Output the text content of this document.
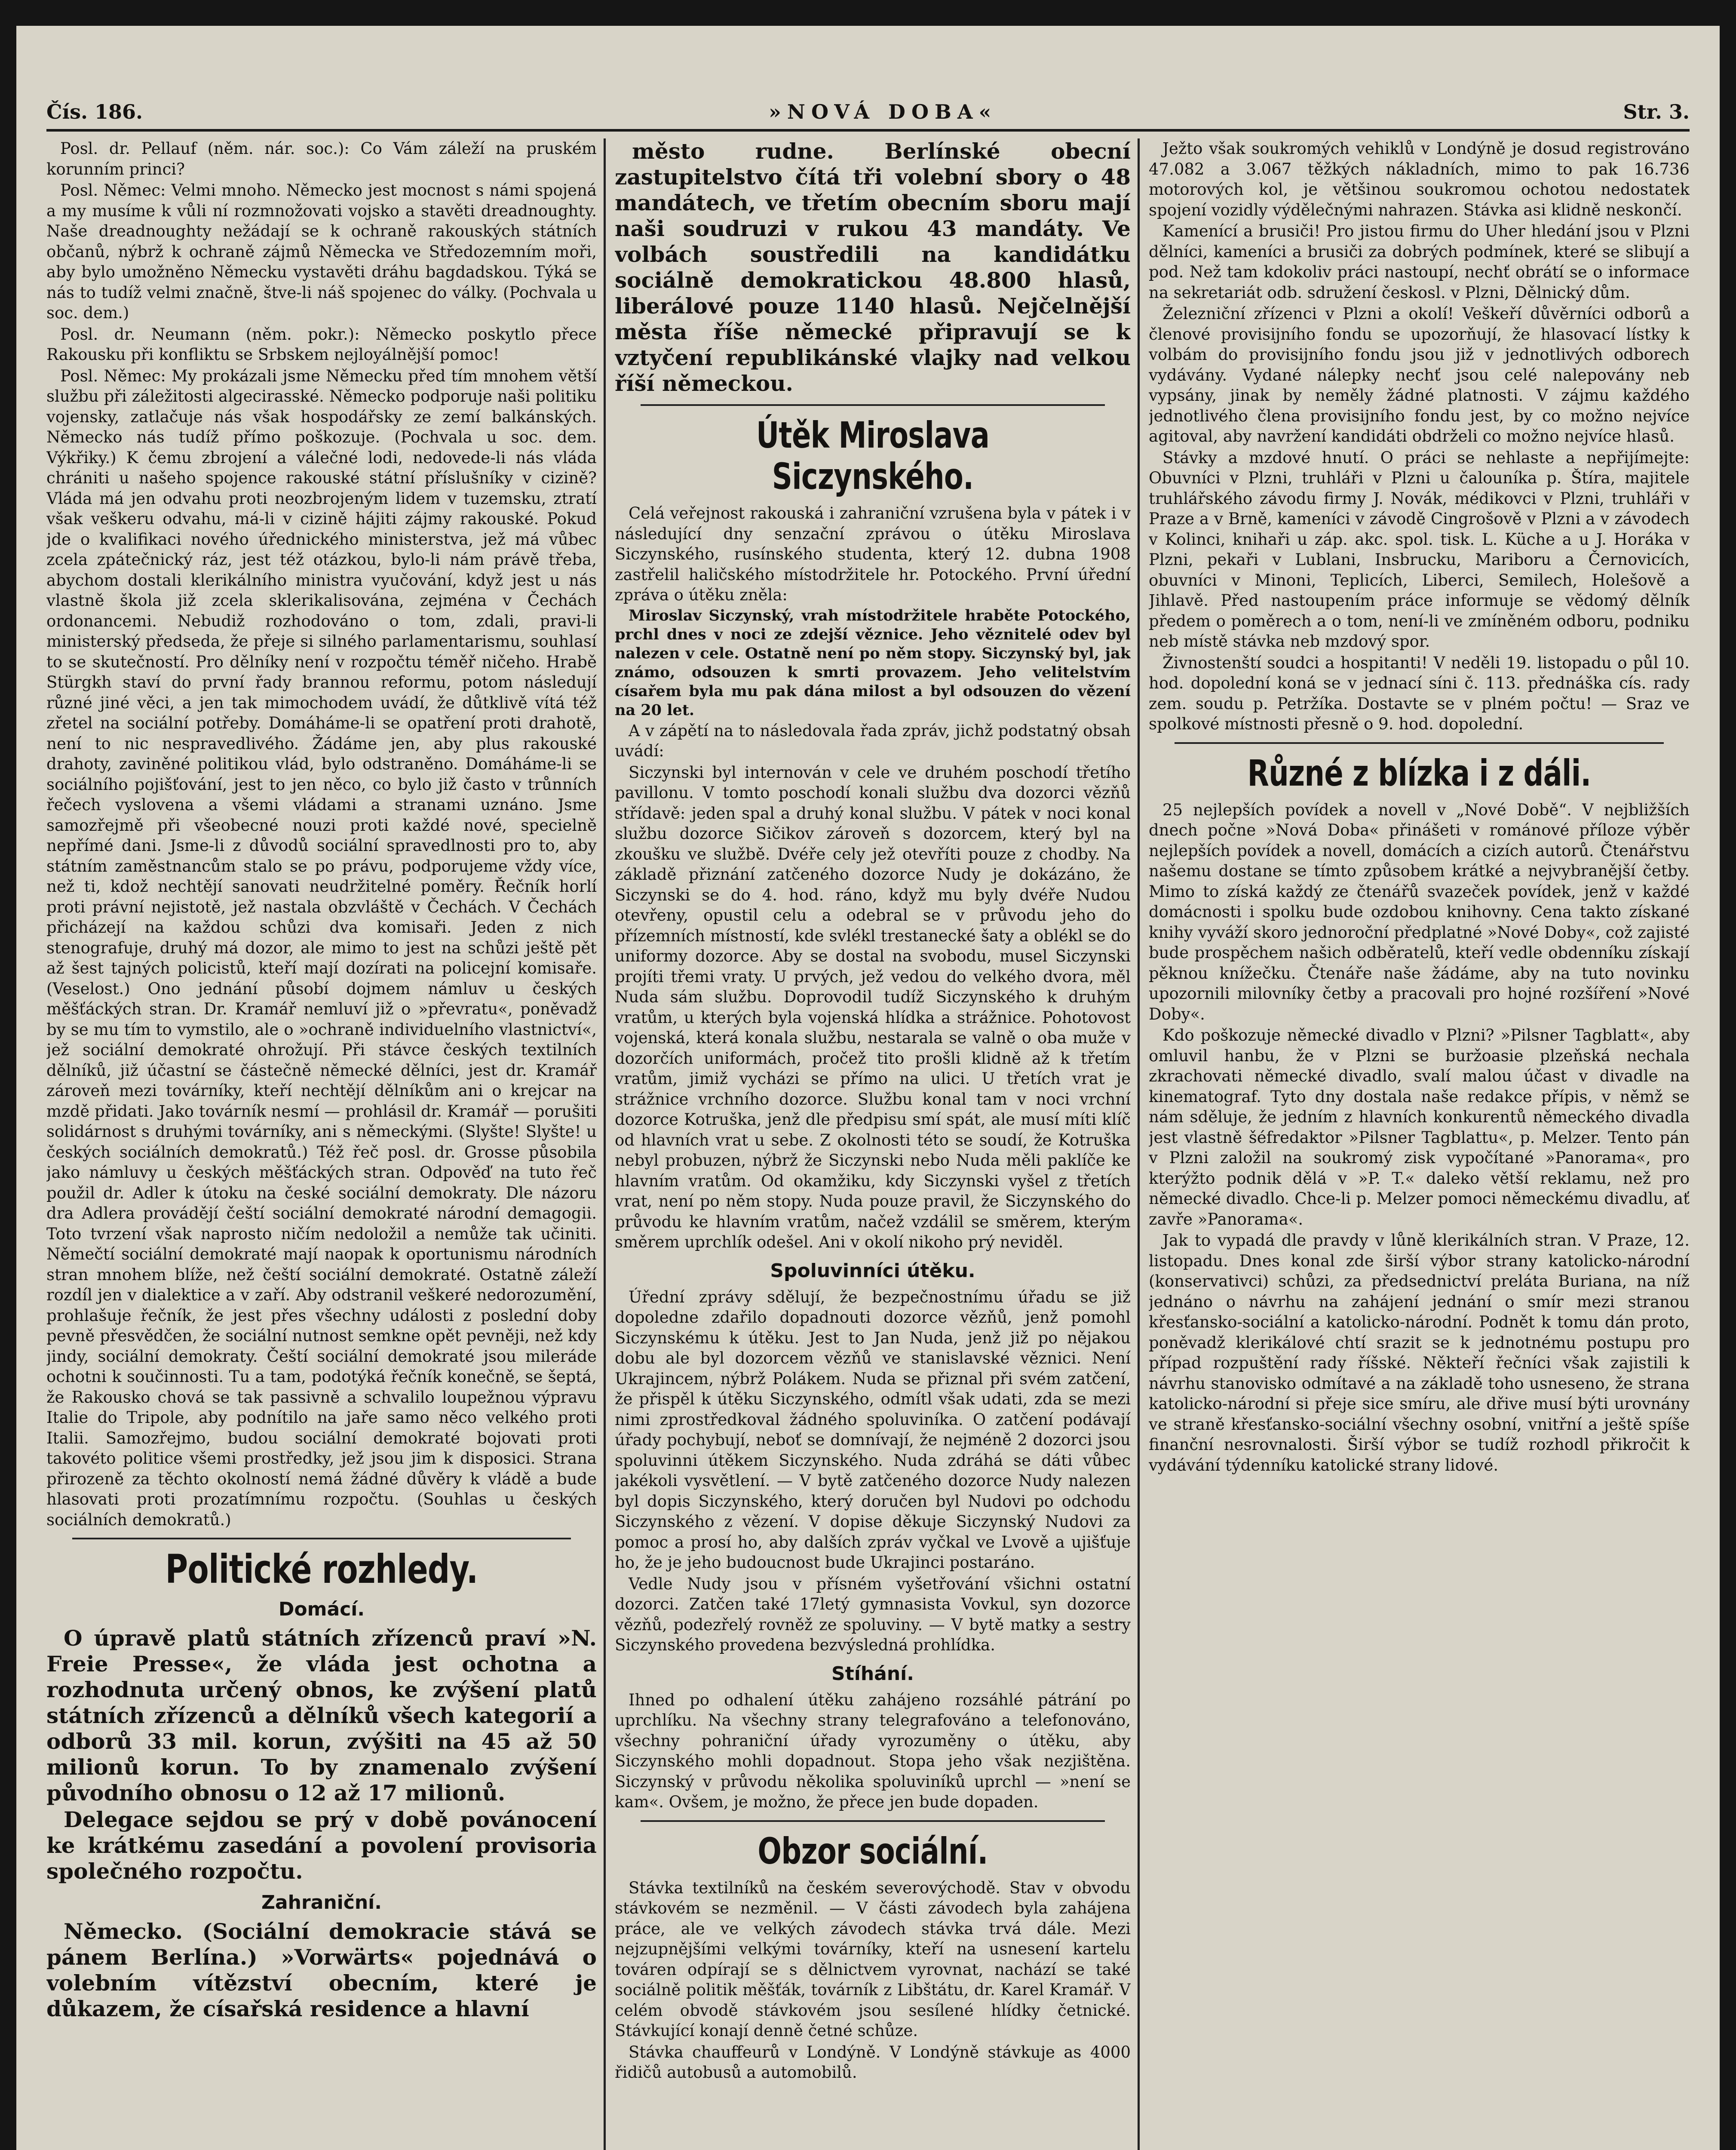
Čís. 186.	»NOVÁ DOBA«	Str. 3.

Posl. dr. Pellauf (něm. nár. soc.): Co Vám záleží na pruském korunním princi?

Posl. Němec: Velmi mnoho. Německo jest mocnost s námi spojená a my musíme k vůli ní rozmnožovati vojsko a stavěti dreadnoughty. Naše dreadnoughty nežádají se k ochraně rakouských státních občanů, nýbrž k ochraně zájmů Německa ve Středozemním moři, aby bylo umožněno Německu vystavěti dráhu bagdadskou. Týká se nás to tudíž velmi značně, štve-li náš spojenec do války. (Pochvala u soc. dem.)

Posl. dr. Neumann (něm. pokr.): Německo poskytlo přece Rakousku při konfliktu se Srbskem nejloyálnější pomoc!

Posl. Němec: My prokázali jsme Německu před tím mnohem větší službu při záležitosti algecirasské. Německo podporuje naši politiku vojensky, zatlačuje nás však hospodářsky ze zemí balkánských. Německo nás tudíž přímo poškozuje. (Pochvala u soc. dem. Výkřiky.) K čemu zbrojení a válečné lodi, nedovede-li nás vláda chrániti u našeho spojence rakouské státní příslušníky v cizině? Vláda má jen odvahu proti neozbrojeným lidem v tuzemsku, ztratí však veškeru odvahu, má-li v cizině hájiti zájmy rakouské. Pokud jde o kvalifikaci nového úřednického ministerstva, jež má vůbec zcela zpátečnický ráz, jest též otázkou, bylo-li nám právě třeba, abychom dostali klerikálního ministra vyučování, když jest u nás vlastně škola již zcela sklerikalisována, zejména v Čechách ordonancemi. Nebudiž rozhodováno o tom, zdali, pravi-li ministerský předseda, že přeje si silného parlamentarismu, souhlasí to se skutečností. Pro dělníky není v rozpočtu téměř ničeho. Hrabě Stürgkh staví do první řady brannou reformu, potom následují různé jiné věci, a jen tak mimochodem uvádí, že důtklivě vítá též zřetel na sociální potřeby. Domáháme-li se opatření proti drahotě, není to nic nespravedlivého. Žádáme jen, aby plus rakouské drahoty, zaviněné politikou vlád, bylo odstraněno. Domáháme-li se sociálního pojišťování, jest to jen něco, co bylo již často v trůnních řečech vyslovena a všemi vládami a stranami uznáno. Jsme samozřejmě při všeobecné nouzi proti každé nové, specielně nepřímé dani. Jsme-li z důvodů sociální spravedlnosti pro to, aby státním zaměstnancům stalo se po právu, podporujeme vždy více, než ti, kdož nechtějí sanovati neudržitelné poměry. Řečník horlí proti právní nejistotě, jež nastala obzvláště v Čechách. V Čechách přicházejí na každou schůzi dva komisaři. Jeden z nich stenografuje, druhý má dozor, ale mimo to jest na schůzi ještě pět až šest tajných policistů, kteří mají dozírati na policejní komisaře. (Veselost.) Ono jednání působí dojmem námluv u českých měšťáckých stran. Dr. Kramář nemluví již o »převratu«, poněvadž by se mu tím to vymstilo, ale o »ochraně individuelního vlastnictví«, jež sociální demokraté ohrožují. Při stávce českých textilních dělníků, již účastní se částečně německé dělníci, jest dr. Kramář zároveň mezi továrníky, kteří nechtějí dělníkům ani o krejcar na mzdě přidati. Jako továrník nesmí — prohlásil dr. Kramář — porušiti solidárnost s druhými továrníky, ani s německými. (Slyšte! Slyšte! u českých sociálních demokratů.) Též řeč posl. dr. Grosse působila jako námluvy u českých měšťáckých stran. Odpověď na tuto řeč použil dr. Adler k útoku na české sociální demokraty. Dle názoru dra Adlera provádějí čeští sociální demokraté národní demagogii. Toto tvrzení však naprosto ničím nedoložil a nemůže tak učiniti. Němečtí sociální demokraté mají naopak k oportunismu národních stran mnohem blíže, než čeští sociální demokraté. Ostatně záleží rozdíl jen v dialektice a v zaří. Aby odstranil veškeré nedorozumění, prohlašuje řečník, že jest přes všechny události z poslední doby pevně přesvědčen, že sociální nutnost semkne opět pevněji, než kdy jindy, sociální demokraty. Čeští sociální demokraté jsou mileráde ochotni k součinnosti. Tu a tam, podotýká řečník konečně, se šeptá, že Rakousko chová se tak passivně a schvalilo loupežnou výpravu Italie do Tripole, aby podnítilo na jaře samo něco velkého proti Italii. Samozřejmo, budou sociální demokraté bojovati proti takovéto politice všemi prostředky, jež jsou jim k disposici. Strana přirozeně za těchto okolností nemá žádné důvěry k vládě a bude hlasovati proti prozatímnímu rozpočtu. (Souhlas u českých sociálních demokratů.)

Politické rozhledy.
Domácí.

O úpravě platů státních zřízenců praví »N. Freie Presse«, že vláda jest ochotna a rozhodnuta určený obnos, ke zvýšení platů státních zřízenců a dělníků všech kategorií a odborů 33 mil. korun, zvýšiti na 45 až 50 milionů korun. To by znamenalo zvýšení původního obnosu o 12 až 17 milionů.

Delegace sejdou se prý v době povánocení ke krátkému zasedání a povolení provisoria společného rozpočtu.

Zahraniční.

Německo. (Sociální demokracie stává se pánem Berlína.) »Vorwärts« pojednává o volebním vítězství obecním, které je důkazem, že císařská residence a hlavní

město rudne. Berlínské obecní zastupitelstvo čítá tři volební sbory o 48 mandátech, ve třetím obecním sboru mají naši soudruzi v rukou 43 mandáty. Ve volbách soustředili na kandidátku sociálně demokratickou 48.800 hlasů, liberálové pouze 1140 hlasů. Nejčelnější města říše německé připravují se k vztyčení republikánské vlajky nad velkou říší německou.

Útěk Miroslava Siczynského.

Celá veřejnost rakouská i zahraniční vzrušena byla v pátek i v následující dny senzační zprávou o útěku Miroslava Siczynského, rusínského studenta, který 12. dubna 1908 zastřelil haličského místodržitele hr. Potockého. První úřední zpráva o útěku zněla:

Miroslav Siczynský, vrah místodržitele hraběte Potockého, prchl dnes v noci ze zdejší věznice. Jeho věznitelé odev byl nalezen v cele. Ostatně není po něm stopy. Siczynský byl, jak známo, odsouzen k smrti provazem. Jeho velitelstvím císařem byla mu pak dána milost a byl odsouzen do vězení na 20 let.

A v zápětí na to následovala řada zpráv, jichž podstatný obsah uvádí:

Siczynski byl internován v cele ve druhém poschodí třetího pavillonu. V tomto poschodí konali službu dva dozorci vězňů střídavě: jeden spal a druhý konal službu. V pátek v noci konal službu dozorce Sičikov zároveň s dozorcem, který byl na zkoušku ve službě. Dvéře cely jež otevříti pouze z chodby. Na základě přiznání zatčeného dozorce Nudy je dokázáno, že Siczynski se do 4. hod. ráno, když mu byly dvéře Nudou otevřeny, opustil celu a odebral se v průvodu jeho do přízemních místností, kde svlékl trestanecké šaty a oblékl se do uniformy dozorce. Aby se dostal na svobodu, musel Siczynski projíti třemi vraty. U prvých, jež vedou do velkého dvora, měl Nuda sám službu. Doprovodil tudíž Siczynského k druhým vratům, u kterých byla vojenská hlídka a strážnice. Pohotovost vojenská, která konala službu, nestarala se valně o oba muže v dozorčích uniformách, pročež tito prošli klidně až k třetím vratům, jimiž vycházi se přímo na ulici. U třetích vrat je strážnice vrchního dozorce. Službu konal tam v noci vrchní dozorce Kotruška, jenž dle předpisu smí spát, ale musí míti klíč od hlavních vrat u sebe. Z okolnosti této se soudí, že Kotruška nebyl probuzen, nýbrž že Siczynski nebo Nuda měli paklíče ke hlavním vratům. Od okamžiku, kdy Siczynski vyšel z třetích vrat, není po něm stopy. Nuda pouze pravil, že Siczynského do průvodu ke hlavním vratům, načež vzdálil se směrem, kterým směrem uprchlík odešel. Ani v okolí nikoho prý neviděl.

Spoluvinníci útěku.

Úřední zprávy sdělují, že bezpečnostnímu úřadu se již dopoledne zdařilo dopadnouti dozorce vězňů, jenž pomohl Siczynskému k útěku. Jest to Jan Nuda, jenž již po nějakou dobu ale byl dozorcem vězňů ve stanislavské věznici. Není Ukrajincem, nýbrž Polákem. Nuda se přiznal při svém zatčení, že přispěl k útěku Siczynského, odmítl však udati, zda se mezi nimi zprostředkoval žádného spoluviníka. O zatčení podávají úřady pochybují, neboť se domnívají, že nejméně 2 dozorci jsou spoluvinni útěkem Siczynského. Nuda zdráhá se dáti vůbec jakékoli vysvětlení. — V bytě zatčeného dozorce Nudy nalezen byl dopis Siczynského, který doručen byl Nudovi po odchodu Siczynského z vězení. V dopise děkuje Siczynský Nudovi za pomoc a prosí ho, aby dalších zpráv vyčkal ve Lvově a ujišťuje ho, že je jeho budoucnost bude Ukrajinci postaráno.

Vedle Nudy jsou v přísném vyšetřování všichni ostatní dozorci. Zatčen také 17letý gymnasista Vovkul, syn dozorce vězňů, podezřelý rovněž ze spoluviny. — V bytě matky a sestry Siczynského provedena bezvýsledná prohlídka.

Stíhání.

Ihned po odhalení útěku zahájeno rozsáhlé pátrání po uprchlíku. Na všechny strany telegrafováno a telefonováno, všechny pohraniční úřady vyrozuměny o útěku, aby Siczynského mohli dopadnout. Stopa jeho však nezjištěna. Siczynský v průvodu několika spoluviníků uprchl — »není se kam«. Ovšem, je možno, že přece jen bude dopaden.

Obzor sociální.

Stávka textilníků na českém severovýchodě. Stav v obvodu stávkovém se nezměnil. — V části závodech byla zahájena práce, ale ve velkých závodech stávka trvá dále. Mezi nejzupnějšími velkými továrníky, kteří na usnesení kartelu továren odpírají se s dělnictvem vyrovnat, nachází se také sociálně politik měšťák, továrník z Libštátu, dr. Karel Kramář. V celém obvodě stávkovém jsou sesílené hlídky četnické. Stávkující konají denně četné schůze.

Stávka chauffeurů v Londýně. V Londýně stávkuje as 4000 řidičů autobusů a automobilů.

Ježto však soukromých vehiklů v Londýně je dosud registrováno 47.082 a 3.067 těžkých nákladních, mimo to pak 16.736 motorových kol, je většinou soukromou ochotou nedostatek spojení vozidly výdělečnými nahrazen. Stávka asi klidně neskončí.

Kamenící a brusiči! Pro jistou firmu do Uher hledání jsou v Plzni dělníci, kameníci a brusiči za dobrých podmínek, které se slibují a pod. Než tam kdokoliv práci nastoupí, nechť obrátí se o informace na sekretariát odb. sdružení českosl. v Plzni, Dělnický dům.

Železniční zřízenci v Plzni a okolí! Veškeří důvěrníci odborů a členové provisijního fondu se upozorňují, že hlasovací lístky k volbám do provisijního fondu jsou již v jednotlivých odborech vydávány. Vydané nálepky nechť jsou celé nalepovány neb vypsány, jinak by neměly žádné platnosti. V zájmu každého jednotlivého člena provisijního fondu jest, by co možno nejvíce agitoval, aby navržení kandidáti obdrželi co možno nejvíce hlasů.

Stávky a mzdové hnutí. O práci se nehlaste a nepřijímejte: Obuvníci v Plzni, truhláři v Plzni u čalouníka p. Štíra, majitele truhlářského závodu firmy J. Novák, médikovci v Plzni, truhláři v Praze a v Brně, kameníci v závodě Cingrošově v Plzni a v závodech v Kolinci, knihaři u záp. akc. spol. tisk. L. Küche a u J. Horáka v Plzni, pekaři v Lublani, Insbrucku, Mariboru a Černovicích, obuvníci v Minoni, Teplicích, Liberci, Semilech, Holešově a Jihlavě. Před nastoupením práce informuje se vědomý dělník předem o poměrech a o tom, není-li ve zmíněném odboru, podniku neb místě stávka neb mzdový spor.

Živnostenští soudci a hospitanti! V neděli 19. listopadu o půl 10. hod. dopolední koná se v jednací síni č. 113. přednáška cís. rady zem. soudu p. Petržíka. Dostavte se v plném počtu! — Sraz ve spolkové místnosti přesně o 9. hod. dopolední.

Různé z blízka i z dáli.

25 nejlepších povídek a novell v „Nové Době“. V nejbližších dnech počne »Nová Doba« přinášeti v románové příloze výběr nejlepších povídek a novell, domácích a cizích autorů. Čtenářstvu našemu dostane se tímto způsobem krátké a nejvybranější četby. Mimo to získá každý ze čtenářů svazeček povídek, jenž v každé domácnosti i spolku bude ozdobou knihovny. Cena takto získané knihy vyváží skoro jednoroční předplatné »Nové Doby«, což zajisté bude prospěchem našich odběratelů, kteří vedle obdenníku získají pěknou knížečku. Čtenáře naše žádáme, aby na tuto novinku upozornili milovníky četby a pracovali pro hojné rozšíření »Nové Doby«.

Kdo poškozuje německé divadlo v Plzni? »Pilsner Tagblatt«, aby omluvil hanbu, že v Plzni se buržoasie plzeňská nechala zkrachovati německé divadlo, svalí malou účast v divadle na kinematograf. Tyto dny dostala naše redakce přípis, v němž se nám sděluje, že jedním z hlavních konkurentů německého divadla jest vlastně šéfredaktor »Pilsner Tagblattu«, p. Melzer. Tento pán v Plzni založil na soukromý zisk vypočítané »Panorama«, pro kterýžto podnik dělá v »P. T.« daleko větší reklamu, než pro německé divadlo. Chce-li p. Melzer pomoci německému divadlu, ať zavře »Panorama«.

Jak to vypadá dle pravdy v lůně klerikálních stran. V Praze, 12. listopadu. Dnes konal zde širší výbor strany katolicko-národní (konservativci) schůzi, za předsednictví preláta Buriana, na níž jednáno o návrhu na zahájení jednání o smír mezi stranou křesťansko-sociální a katolicko-národní. Podnět k tomu dán proto, poněvadž klerikálové chtí srazit se k jednotnému postupu pro případ rozpuštění rady říšské. Někteří řečníci však zajistili k návrhu stanovisko odmítavé a na základě toho usneseno, že strana katolicko-národní si přeje sice smíru, ale dřive musí býti urovnány ve straně křesťansko-sociální všechny osobní, vnitřní a ještě spíše finanční nesrovnalosti. Širší výbor se tudíž rozhodl přikročit k vydávání týdenníku katolické strany lidové.
